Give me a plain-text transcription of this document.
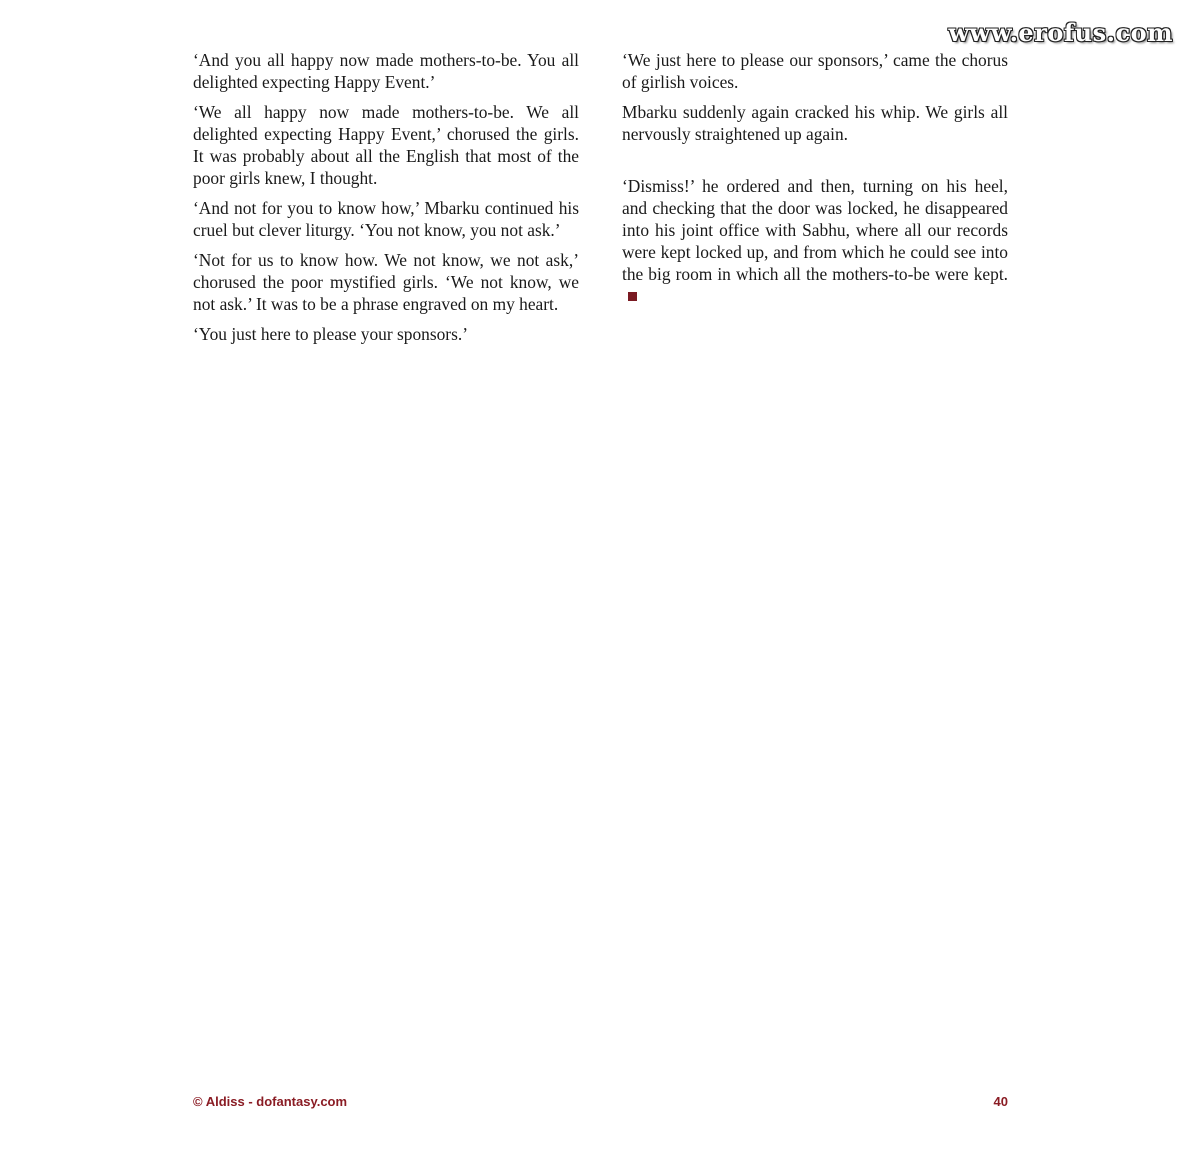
www.erofus.com

‘And you all happy now made mothers-to-be. You all delighted expecting Happy Event.’

‘We all happy now made mothers-to-be. We all delighted expecting Happy Event,’ chorused the girls. It was probably about all the English that most of the poor girls knew, I thought.

‘And not for you to know how,’ Mbarku continued his cruel but clever liturgy. ‘You not know, you not ask.’

‘Not for us to know how. We not know, we not ask,’ chorused the poor mystified girls. ‘We not know, we not ask.’ It was to be a phrase engraved on my heart.

‘You just here to please your sponsors.’

‘We just here to please our sponsors,’ came the chorus of girlish voices.

Mbarku suddenly again cracked his whip. We girls all nervously straightened up again.

‘Dismiss!’ he ordered and then, turning on his heel, and checking that the door was locked, he disappeared into his joint office with Sabhu, where all our records were kept locked up, and from which he could see into the big room in which all the mothers-to-be were kept.

© Aldiss - dofantasy.com	40
